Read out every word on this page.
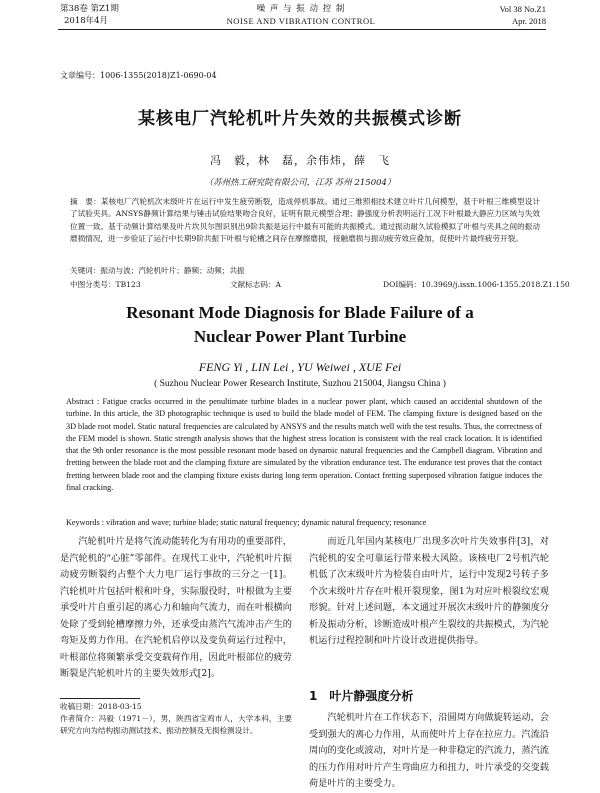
第38卷 第Z1期
2018年4月
噪 声 与 振 动 控 制
NOISE AND VIBRATION CONTROL
Vol 38 No.Z1
Apr. 2018
文章编号：1006-1355(2018)Z1-0690-04
某核电厂汽轮机叶片失效的共振模式诊断
冯　毅，林　磊，余伟炜，薛　飞
（苏州热工研究院有限公司，江苏 苏州 215004）
摘　要：某核电厂汽轮机次末级叶片在运行中发生疲劳断裂，造成停机事故。通过三维照相技术建立叶片几何模型，基于叶根三维模型设计了试验夹具。ANSYS静频计算结果与锤击试验结果吻合良好，证明有限元模型合理；静强度分析表明运行工况下叶根最大静应力区域与失效位置一致。基于动频计算结果及叶片坎贝尔图识别出9阶共振是运行中最有可能的共振模式。通过振动耐久试验模拟了叶根与夹具之间的振动磨损情况，进一步验证了运行中长期9阶共振下叶根与轮槽之间存在摩擦磨损，接触磨损与振动疲劳效应叠加，促使叶片最终疲劳开裂。
关键词：振动与波；汽轮机叶片；静频；动频；共振
中图分类号：TB123	文献标志码：A	DOI编码：10.3969/j.issn.1006-1355.2018.Z1.150
Resonant Mode Diagnosis for Blade Failure of a
Nuclear Power Plant Turbine
FENG Yi , LIN Lei , YU Weiwei , XUE Fei
( Suzhou Nuclear Power Research Institute, Suzhou 215004, Jiangsu China )
Abstract : Fatigue cracks occurred in the penultimate turbine blades in a nuclear power plant, which caused an accidental shutdown of the turbine. In this article, the 3D photographic technique is used to build the blade model of FEM. The clamping fixture is designed based on the 3D blade root model. Static natural frequencies are calculated by ANSYS and the results match well with the test results. Thus, the correctness of the FEM model is shown. Static strength analysis shows that the highest stress location is consistent with the real crack location. It is identified that the 9th order resonance is the most possible resonant mode based on dynamic natural frequencies and the Campbell diagram. Vibration and fretting between the blade root and the clamping fixture are simulated by the vibration endurance test. The endurance test proves that the contact fretting between blade root and the clamping fixture exists during long term operation. Contact fretting superposed vibration fatigue induces the final cracking.
Keywords : vibration and wave; turbine blade; static natural frequency; dynamic natural frequency; resonance
汽轮机叶片是将气流动能转化为有用功的重要部件，是汽轮机的“心脏”零部件。在现代工业中，汽轮机叶片振动疲劳断裂约占整个大力电厂运行事故的三分之一[1]。汽轮机叶片包括叶根和叶身，实际服役时，叶根做为主要承受叶片自重引起的离心力和轴向气流力，而在叶根横向处除了受到轮槽摩擦力外，还承受由蒸汽气流冲击产生的弯矩及剪力作用。在汽轮机启停以及变负荷运行过程中，叶根部位将频繁承受交变载荷作用，因此叶根部位的疲劳断裂是汽轮机叶片的主要失效形式[2]。
收稿日期：2018-03-15
作者简介：冯毅（1971－），男，陕西省宝鸡市人，大学本科，主要研究方向为结构振动测试技术、振动控制及无损检测设计。
而近几年国内某核电厂出现多次叶片失效事件[3]，对汽轮机的安全可靠运行带来极大风险。该核电厂2号机汽轮机低了次末级叶片为检装自由叶片，运行中发现2号转子多个次末级叶片存在叶根开裂现象，图1为对应叶根裂纹宏观形貌。针对上述问题，本文通过开展次末级叶片的静频度分析及振动分析，诊断造成叶根产生裂纹的共振模式，为汽轮机运行过程控制和叶片设计改进提供指导。
1　叶片静强度分析
汽轮机叶片在工作状态下，沿圆周方向做旋转运动，会受到强大的离心力作用，从而使叶片上存在拉应力。汽流沿周向的变化或波动，对叶片是一种非稳定的汽流力，蒸汽流的压力作用对叶片产生弯曲应力和扭力，叶片承受的交变载荷是叶片的主要受力。
